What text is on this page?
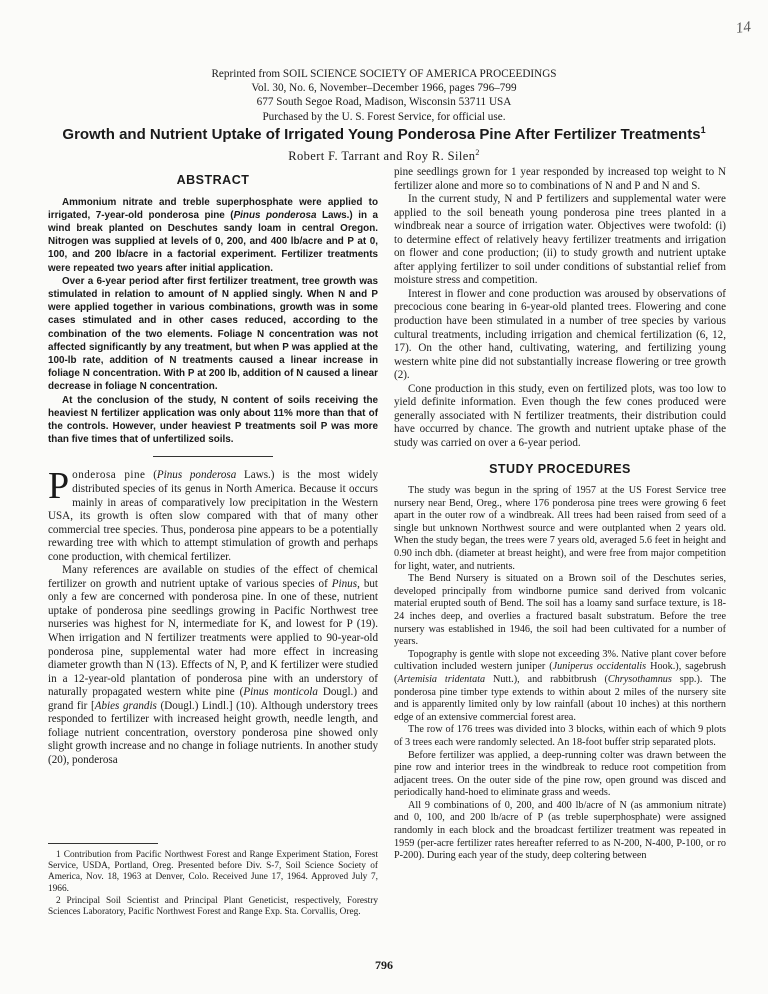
14
Reprinted from SOIL SCIENCE SOCIETY OF AMERICA PROCEEDINGS
Vol. 30, No. 6, November–December 1966, pages 796–799
677 South Segoe Road, Madison, Wisconsin 53711 USA
Purchased by the U. S. Forest Service, for official use.
Growth and Nutrient Uptake of Irrigated Young Ponderosa Pine After Fertilizer Treatments$^1$
Robert F. Tarrant and Roy R. Silen$^2$
ABSTRACT

Ammonium nitrate and treble superphosphate were applied to irrigated, 7-year-old ponderosa pine (Pinus ponderosa Laws.) in a wind break planted on Deschutes sandy loam in central Oregon. Nitrogen was supplied at levels of 0, 200, and 400 lb/acre and P at 0, 100, and 200 lb/acre in a factorial experiment. Fertilizer treatments were repeated two years after initial application.

Over a 6-year period after first fertilizer treatment, tree growth was stimulated in relation to amount of N applied singly. When N and P were applied together in various combinations, growth was in some cases stimulated and in other cases reduced, according to the combination of the two elements. Foliage N concentration was not affected significantly by any treatment, but when P was applied at the 100-lb rate, addition of N treatments caused a linear increase in foliage N concentration. With P at 200 lb, addition of N caused a linear decrease in foliage N concentration.

At the conclusion of the study, N content of soils receiving the heaviest N fertilizer application was only about 11% more than that of the controls. However, under heaviest P treatments soil P was more than five times that of unfertilized soils.

Ponderosa pine (Pinus ponderosa Laws.) is the most widely distributed species of its genus in North America. Because it occurs mainly in areas of comparatively low precipitation in the Western USA, its growth is often slow compared with that of many other commercial tree species. Thus, ponderosa pine appears to be a potentially rewarding tree with which to attempt stimulation of growth and perhaps cone production, with chemical fertilizer.

Many references are available on studies of the effect of chemical fertilizer on growth and nutrient uptake of various species of Pinus, but only a few are concerned with ponderosa pine. In one of these, nutrient uptake of ponderosa pine seedlings growing in Pacific Northwest tree nurseries was highest for N, intermediate for K, and lowest for P (19). When irrigation and N fertilizer treatments were applied to 90-year-old ponderosa pine, supplemental water had more effect in increasing diameter growth than N (13). Effects of N, P, and K fertilizer were studied in a 12-year-old plantation of ponderosa pine with an understory of naturally propagated western white pine (Pinus monticola Dougl.) and grand fir [Abies grandis (Dougl.) Lindl.] (10). Although understory trees responded to fertilizer with increased height growth, needle length, and foliage nutrient concentration, overstory ponderosa pine showed only slight growth increase and no change in foliage nutrients. In another study (20), ponderosa

pine seedlings grown for 1 year responded by increased top weight to N fertilizer alone and more so to combinations of N and P and N and S.

In the current study, N and P fertilizers and supplemental water were applied to the soil beneath young ponderosa pine trees planted in a windbreak near a source of irrigation water. Objectives were twofold: (i) to determine effect of relatively heavy fertilizer treatments and irrigation on flower and cone production; (ii) to study growth and nutrient uptake after applying fertilizer to soil under conditions of substantial relief from moisture stress and competition.

Interest in flower and cone production was aroused by observations of precocious cone bearing in 6-year-old planted trees. Flowering and cone production have been stimulated in a number of tree species by various cultural treatments, including irrigation and chemical fertilization (6, 12, 17). On the other hand, cultivating, watering, and fertilizing young western white pine did not substantially increase flowering or tree growth (2).

Cone production in this study, even on fertilized plots, was too low to yield definite information. Even though the few cones produced were generally associated with N fertilizer treatments, their distribution could have occurred by chance. The growth and nutrient uptake phase of the study was carried on over a 6-year period.

STUDY PROCEDURES

The study was begun in the spring of 1957 at the US Forest Service tree nursery near Bend, Oreg., where 176 ponderosa pine trees were growing 6 feet apart in the outer row of a windbreak. All trees had been raised from seed of a single but unknown Northwest source and were outplanted when 2 years old. When the study began, the trees were 7 years old, averaged 5.6 feet in height and 0.90 inch dbh. (diameter at breast height), and were free from major competition for light, water, and nutrients.

The Bend Nursery is situated on a Brown soil of the Deschutes series, developed principally from windborne pumice sand derived from volcanic material erupted south of Bend. The soil has a loamy sand surface texture, is 18-24 inches deep, and overlies a fractured basalt substratum. Before the tree nursery was established in 1946, the soil had been cultivated for a number of years.

Topography is gentle with slope not exceeding 3%. Native plant cover before cultivation included western juniper (Juniperus occidentalis Hook.), sagebrush (Artemisia tridentata Nutt.), and rabbitbrush (Chrysothamnus spp.). The ponderosa pine timber type extends to within about 2 miles of the nursery site and is apparently limited only by low rainfall (about 10 inches) at this northern edge of an extensive commercial forest area.

The row of 176 trees was divided into 3 blocks, within each of which 9 plots of 3 trees each were randomly selected. An 18-foot buffer strip separated plots.

Before fertilizer was applied, a deep-running colter was drawn between the pine row and interior trees in the windbreak to reduce root competition from adjacent trees. On the outer side of the pine row, open ground was disced and periodically hand-hoed to eliminate grass and weeds.

All 9 combinations of 0, 200, and 400 lb/acre of N (as ammonium nitrate) and 0, 100, and 200 lb/acre of P (as treble superphosphate) were assigned randomly in each block and the broadcast fertilizer treatment was repeated in 1959 (per-acre fertilizer rates hereafter referred to as N-200, N-400, P-100, or ro P-200). During each year of the study, deep coltering between

1 Contribution from Pacific Northwest Forest and Range Experiment Station, Forest Service, USDA, Portland, Oreg. Presented before Div. S-7, Soil Science Society of America, Nov. 18, 1963 at Denver, Colo. Received June 17, 1964. Approved July 7, 1966.

2 Principal Soil Scientist and Principal Plant Geneticist, respectively, Forestry Sciences Laboratory, Pacific Northwest Forest and Range Exp. Sta. Corvallis, Oreg.

796
